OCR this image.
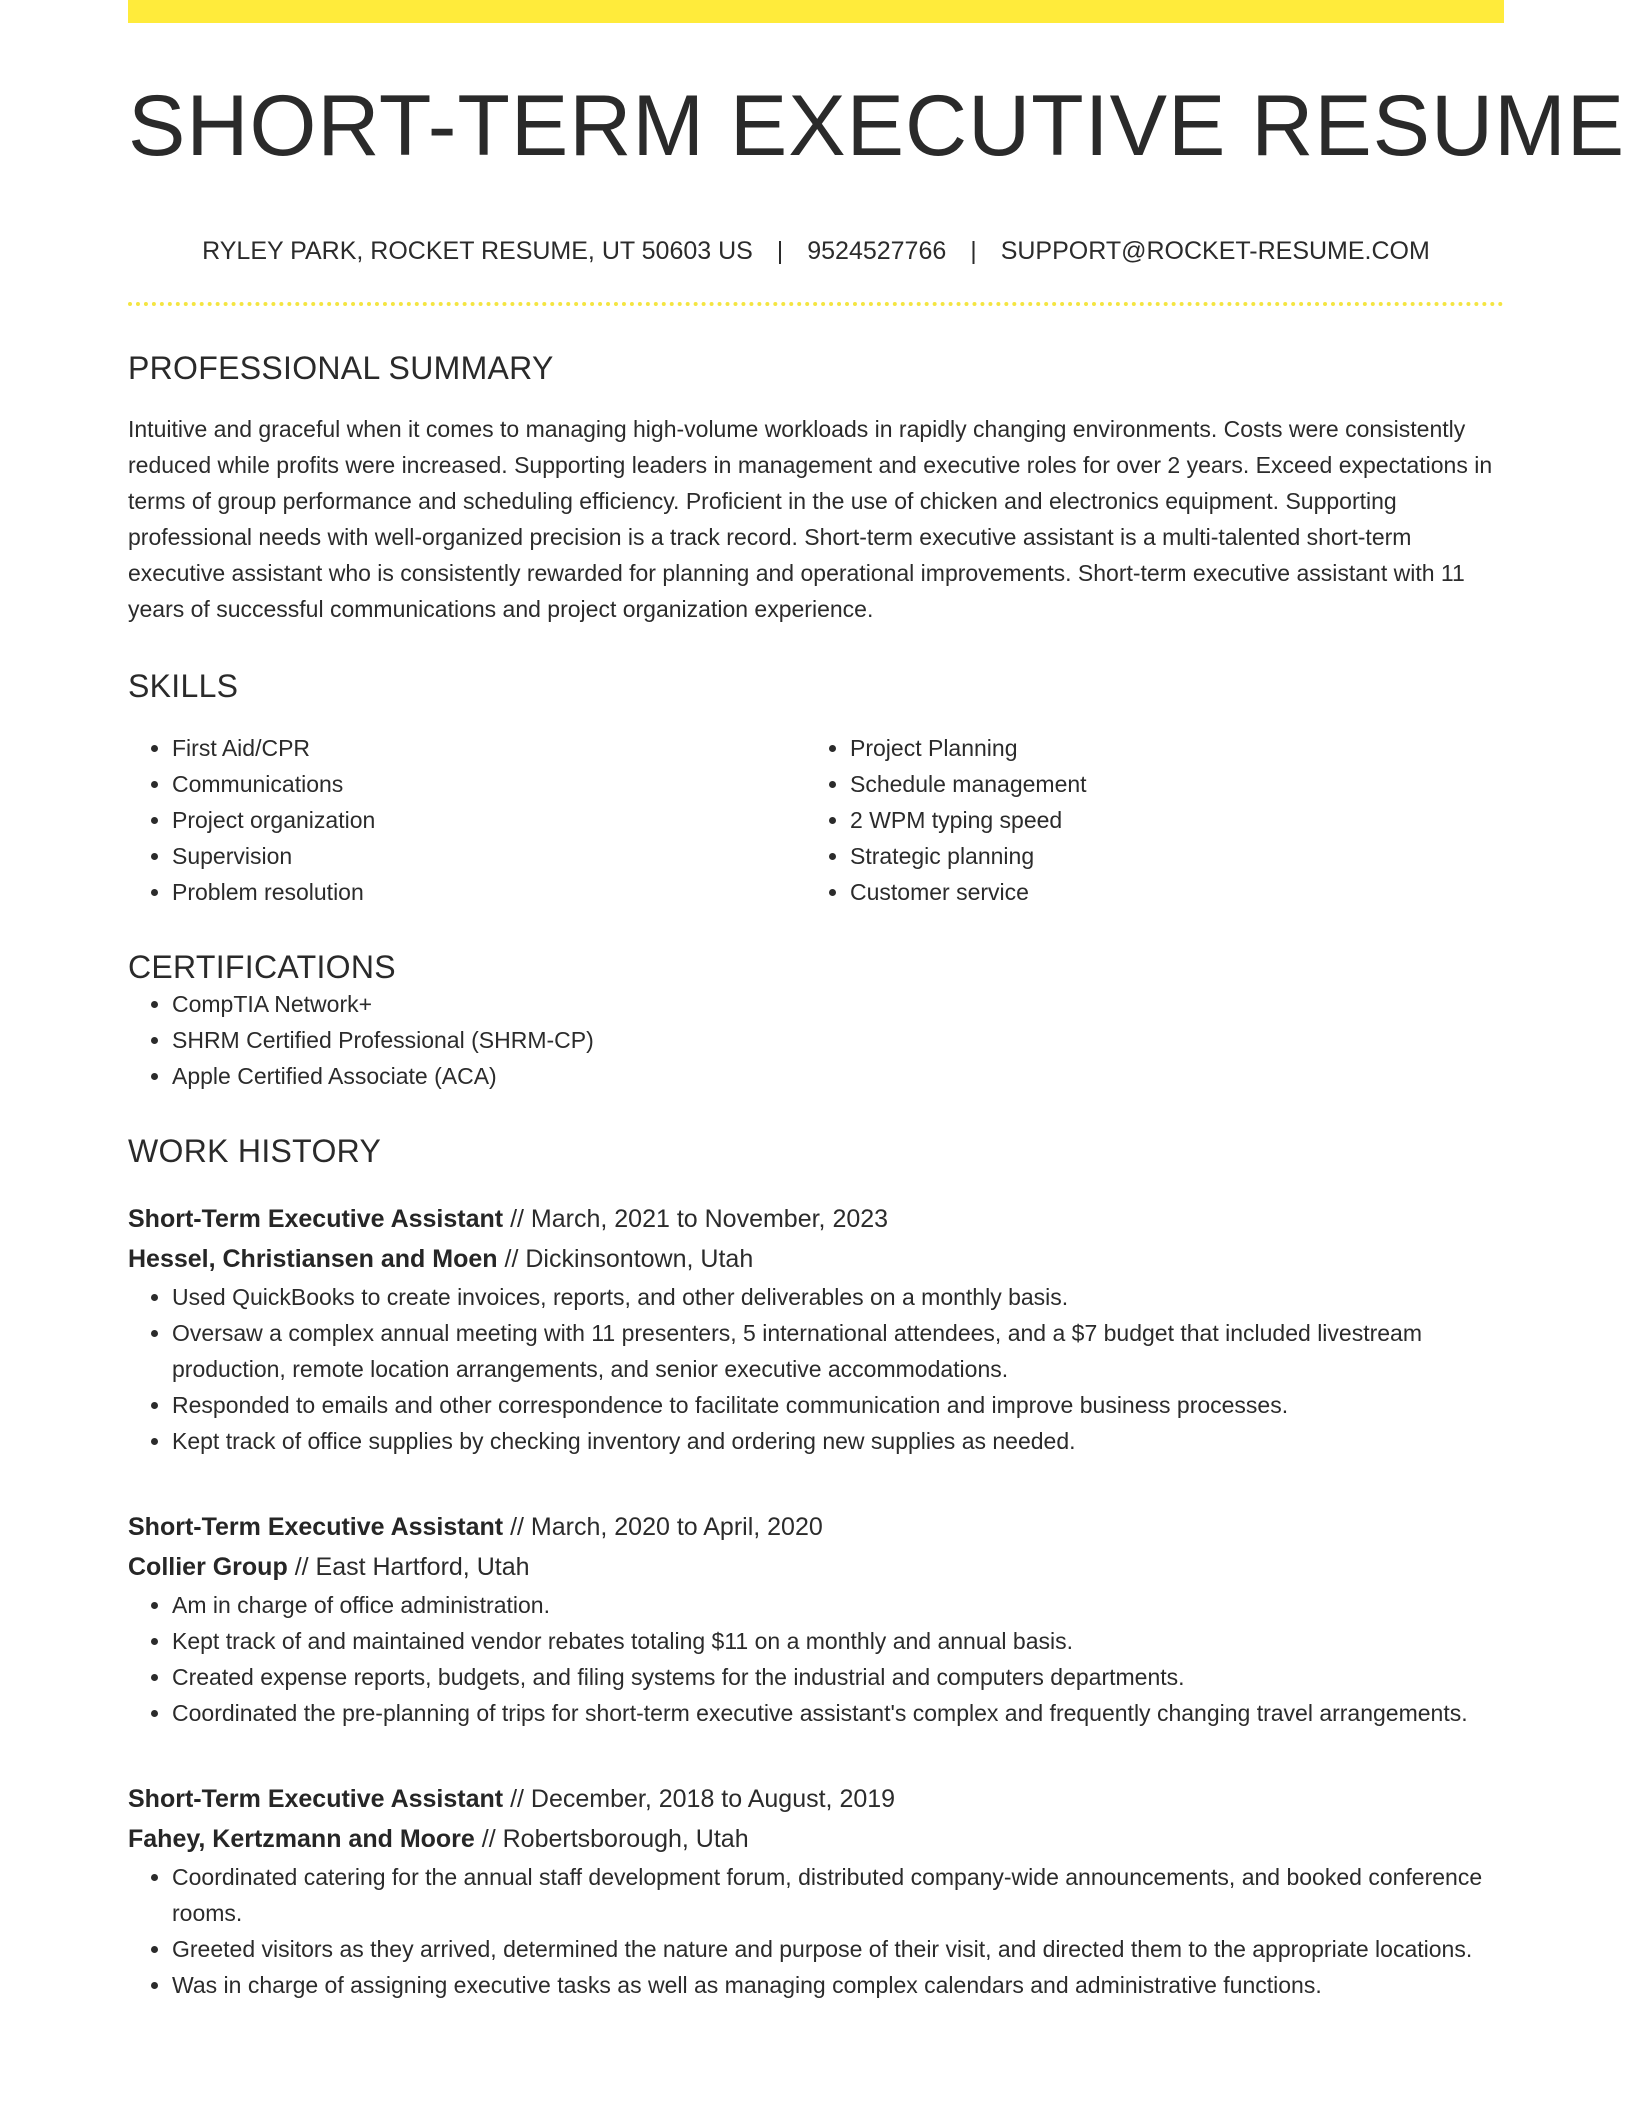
SHORT-TERM EXECUTIVE RESUME
RYLEY PARK, ROCKET RESUME, UT 50603 US | 9524527766 | SUPPORT@ROCKET-RESUME.COM
PROFESSIONAL SUMMARY

Intuitive and graceful when it comes to managing high-volume workloads in rapidly changing environments. Costs were consistently reduced while profits were increased. Supporting leaders in management and executive roles for over 2 years. Exceed expectations in terms of group performance and scheduling efficiency. Proficient in the use of chicken and electronics equipment. Supporting professional needs with well-organized precision is a track record. Short-term executive assistant is a multi-talented short-term executive assistant who is consistently rewarded for planning and operational improvements. Short-term executive assistant with 11 years of successful communications and project organization experience.

SKILLS
• First Aid/CPR
• Communications
• Project organization
• Supervision
• Problem resolution
• Project Planning
• Schedule management
• 2 WPM typing speed
• Strategic planning
• Customer service
CERTIFICATIONS
• CompTIA Network+
• SHRM Certified Professional (SHRM-CP)
• Apple Certified Associate (ACA)
WORK HISTORY
Short-Term Executive Assistant // March, 2021 to November, 2023
Hessel, Christiansen and Moen // Dickinsontown, Utah
• Used QuickBooks to create invoices, reports, and other deliverables on a monthly basis.
• Oversaw a complex annual meeting with 11 presenters, 5 international attendees, and a $7 budget that included livestream production, remote location arrangements, and senior executive accommodations.
• Responded to emails and other correspondence to facilitate communication and improve business processes.
• Kept track of office supplies by checking inventory and ordering new supplies as needed.
Short-Term Executive Assistant // March, 2020 to April, 2020
Collier Group // East Hartford, Utah
• Am in charge of office administration.
• Kept track of and maintained vendor rebates totaling $11 on a monthly and annual basis.
• Created expense reports, budgets, and filing systems for the industrial and computers departments.
• Coordinated the pre-planning of trips for short-term executive assistant's complex and frequently changing travel arrangements.
Short-Term Executive Assistant // December, 2018 to August, 2019
Fahey, Kertzmann and Moore // Robertsborough, Utah
• Coordinated catering for the annual staff development forum, distributed company-wide announcements, and booked conference rooms.
• Greeted visitors as they arrived, determined the nature and purpose of their visit, and directed them to the appropriate locations.
• Was in charge of assigning executive tasks as well as managing complex calendars and administrative functions.
